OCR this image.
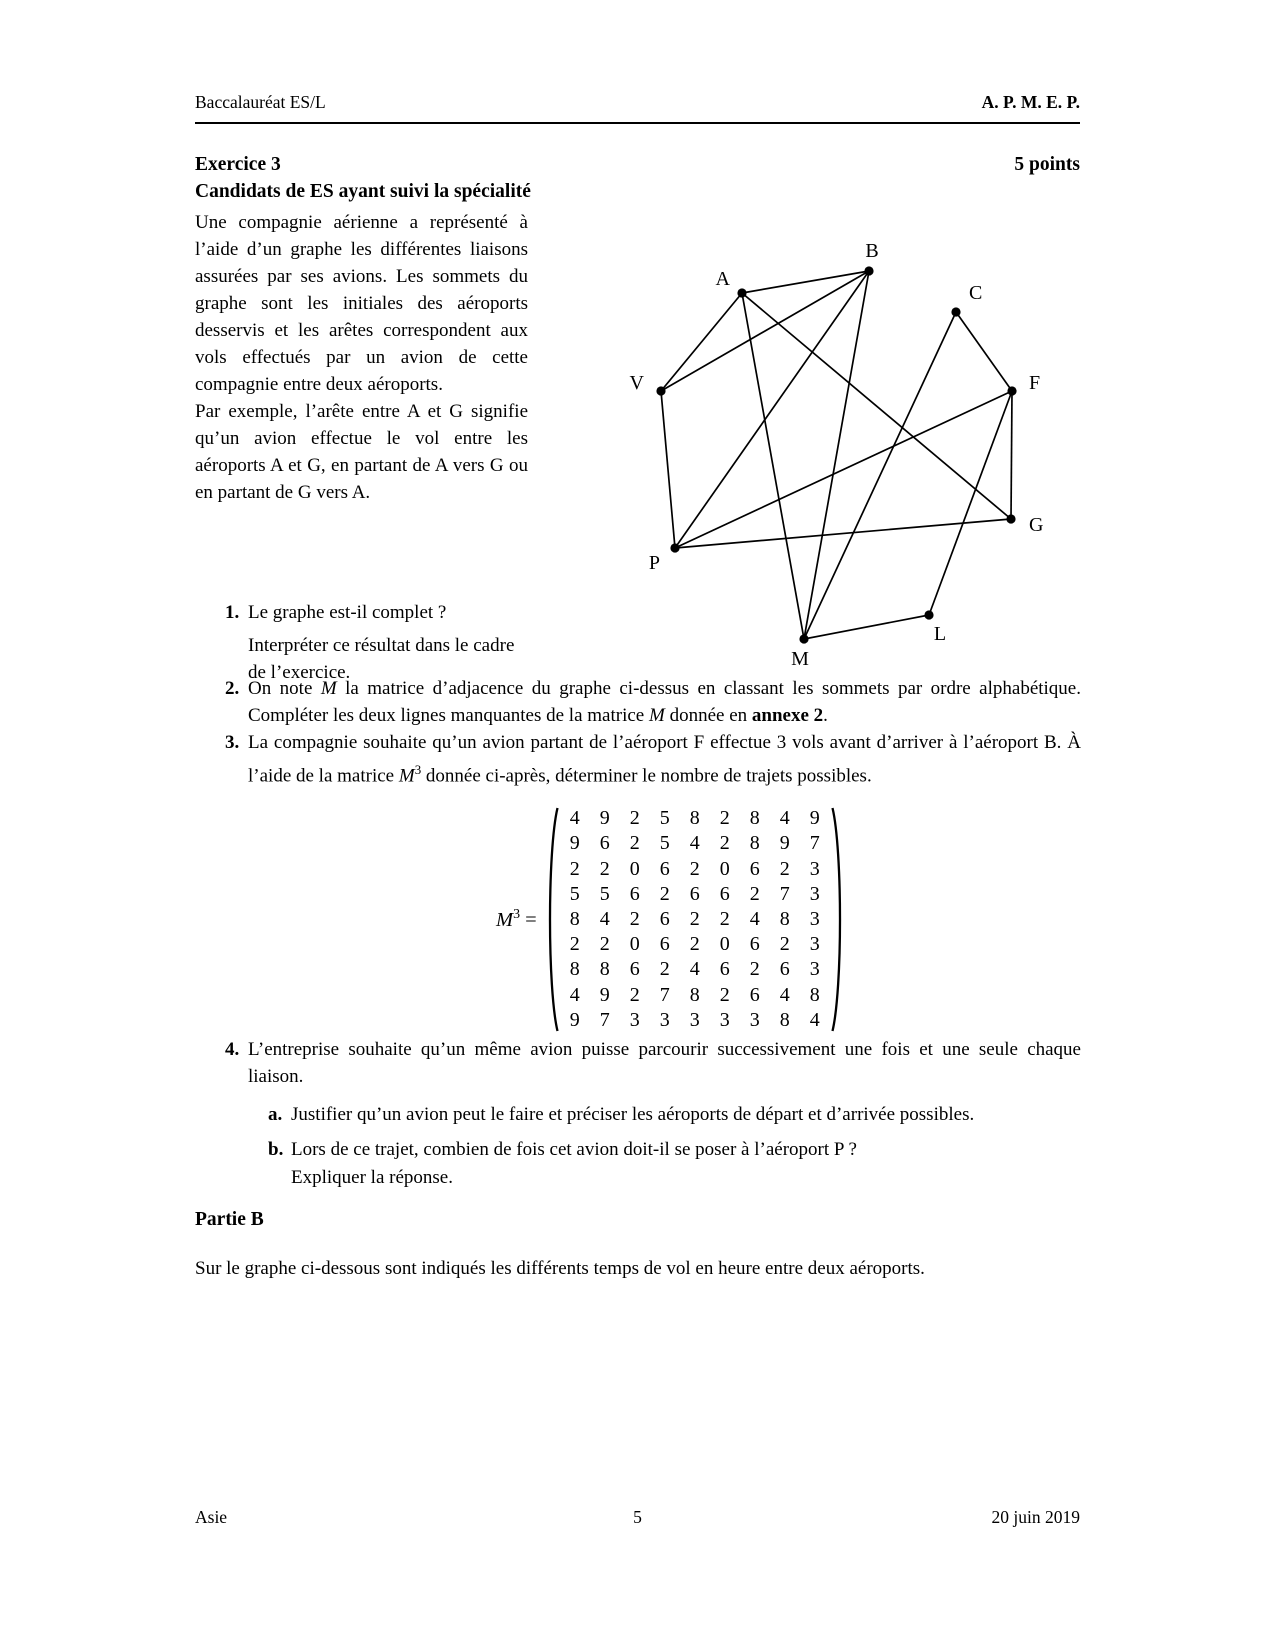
Baccalauréat ES/L	A. P. M. E. P.
5 points
Exercice 3
Candidats de ES ayant suivi la spécialité

Une compagnie aérienne a représenté à l’aide d’un graphe les différentes liaisons assurées par ses avions. Les sommets du graphe sont les initiales des aéroports desservis et les arêtes correspondent aux vols effectués par un avion de cette compagnie entre deux aéroports.

Par exemple, l’arête entre A et G signifie qu’un avion effectue le vol entre les aéroports A et G, en partant de A vers G ou en partant de G vers A.

A
B
C
F
G
L
M
P
V
1. Le graphe est-il complet ?

Interpréter ce résultat dans le cadre de l’exercice.

2. On note M la matrice d’adjacence du graphe ci-dessus en classant les sommets par ordre alphabétique. Compléter les deux lignes manquantes de la matrice M donnée en annexe 2.
3. La compagnie souhaite qu’un avion partant de l’aéroport F effectue 3 vols avant d’arriver à l’aéroport B. À l’aide de la matrice $M^3$ donnée ci-après, déterminer le nombre de trajets possibles.
$M^3$ =
4	9	2	5	8	2	8	4	9
9	6	2	5	4	2	8	9	7
2	2	0	6	2	0	6	2	3
5	5	6	2	6	6	2	7	3
8	4	2	6	2	2	4	8	3
2	2	0	6	2	0	6	2	3
8	8	6	2	4	6	2	6	3
4	9	2	7	8	2	6	4	8
9	7	3	3	3	3	3	8	4
4. L’entreprise souhaite qu’un même avion puisse parcourir successivement une fois et une seule chaque liaison.
a. Justifier qu’un avion peut le faire et préciser les aéroports de départ et d’arrivée possibles.
b. Lors de ce trajet, combien de fois cet avion doit-il se poser à l’aéroport P ?

Expliquer la réponse.

Partie B
Sur le graphe ci-dessous sont indiqués les différents temps de vol en heure entre deux aéroports.
5	20 juin 2019
Asie
